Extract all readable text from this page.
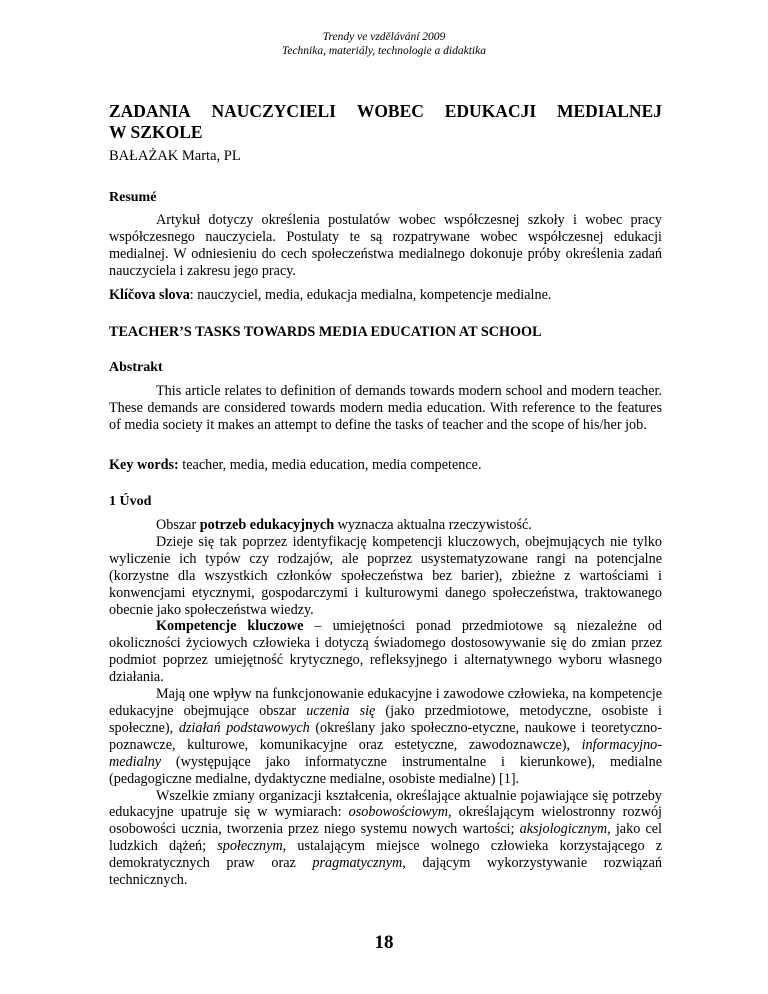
Trendy ve vzdělávání 2009
Technika, materiály, technologie a didaktika
ZADANIA NAUCZYCIELI WOBEC EDUKACJI MEDIALNEJ
W SZKOLE
BAŁAŻAK Marta, PL
Resumé

Artykuł dotyczy określenia postulatów wobec współczesnej szkoły i wobec pracy współczesnego nauczyciela. Postulaty te są rozpatrywane wobec współczesnej edukacji medialnej. W odniesieniu do cech społeczeństwa medialnego dokonuje próby określenia zadań nauczyciela i zakresu jego pracy.

Klíčova slova: nauczyciel, media, edukacja medialna, kompetencje medialne.
TEACHER’S TASKS TOWARDS MEDIA EDUCATION AT SCHOOL
Abstrakt

This article relates to definition of demands towards modern school and modern teacher. These demands are considered towards modern media education. With reference to the features of media society it makes an attempt to define the tasks of teacher and the scope of his/her job.

Key words: teacher, media, media education, media competence.
1 Úvod

Obszar potrzeb edukacyjnych wyznacza aktualna rzeczywistość.

Dzieje się tak poprzez identyfikację kompetencji kluczowych, obejmujących nie tylko wyliczenie ich typów czy rodzajów, ale poprzez usystematyzowane rangi na potencjalne (korzystne dla wszystkich członków społeczeństwa bez barier), zbieżne z wartościami i konwencjami etycznymi, gospodarczymi i kulturowymi danego społeczeństwa, traktowanego obecnie jako społeczeństwa wiedzy.

Kompetencje kluczowe – umiejętności ponad przedmiotowe są niezależne od okoliczności życiowych człowieka i dotyczą świadomego dostosowywanie się do zmian przez podmiot poprzez umiejętność krytycznego, refleksyjnego i alternatywnego wyboru własnego działania.

Mają one wpływ na funkcjonowanie edukacyjne i zawodowe człowieka, na kompetencje edukacyjne obejmujące obszar uczenia się (jako przedmiotowe, metodyczne, osobiste i społeczne), działań podstawowych (określany jako społeczno-etyczne, naukowe i teoretyczno-poznawcze, kulturowe, komunikacyjne oraz estetyczne, zawodoznawcze), informacyjno-medialny (występujące jako informatyczne instrumentalne i kierunkowe), medialne (pedagogiczne medialne, dydaktyczne medialne, osobiste medialne) [1].

Wszelkie zmiany organizacji kształcenia, określające aktualnie pojawiające się potrzeby edukacyjne upatruje się w wymiarach: osobowościowym, określającym wielostronny rozwój osobowości ucznia, tworzenia przez niego systemu nowych wartości; aksjologicznym, jako cel ludzkich dążeń; społecznym, ustalającym miejsce wolnego człowieka korzystającego z demokratycznych praw oraz pragmatycznym, dającym wykorzystywanie rozwiązań technicznych.

18
